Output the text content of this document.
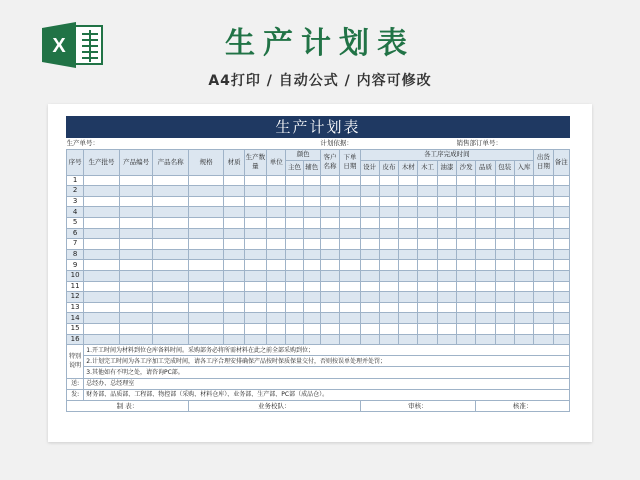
X	生产计划表
A4打印 / 自动公式 / 内容可修改
生产计划表
生产单号：										计划依据：							销售部订单号：					
序号	生产批号	产品编号	产品名称	规格	材质	生产数量	单位	颜色		客户名称	下单日期	各工序完成时间									出货日期	备注
								主色	辅色			设计	皮布	木材	木工	油漆	沙发	品质	包装	入库		
1																						
2																						
3																						
4																						
5																						
6																						
7																						
8																						
9																						
10																						
11																						
12																						
13																						
14																						
15																						
16																						
特别说明	1.开工时间为材料到位仓库备料时间。采购部务必将所需材料在此之前全部采购到位；																					
	2.计划完工时间为各工序加工完成时间，请各工序合理安排确保产品按时保质保量交付，否则按误单处理并处罚；																					
	3.其他如有不明之处，请咨询PC部。																					
送:	总经办、总经理室																					
发:	财务部、品质部、工程部、物控部（采购、材料仓库）、业务部、生产部、PC部（成品仓）。																					
制 表：				业务校队：								审核：						核准：				
